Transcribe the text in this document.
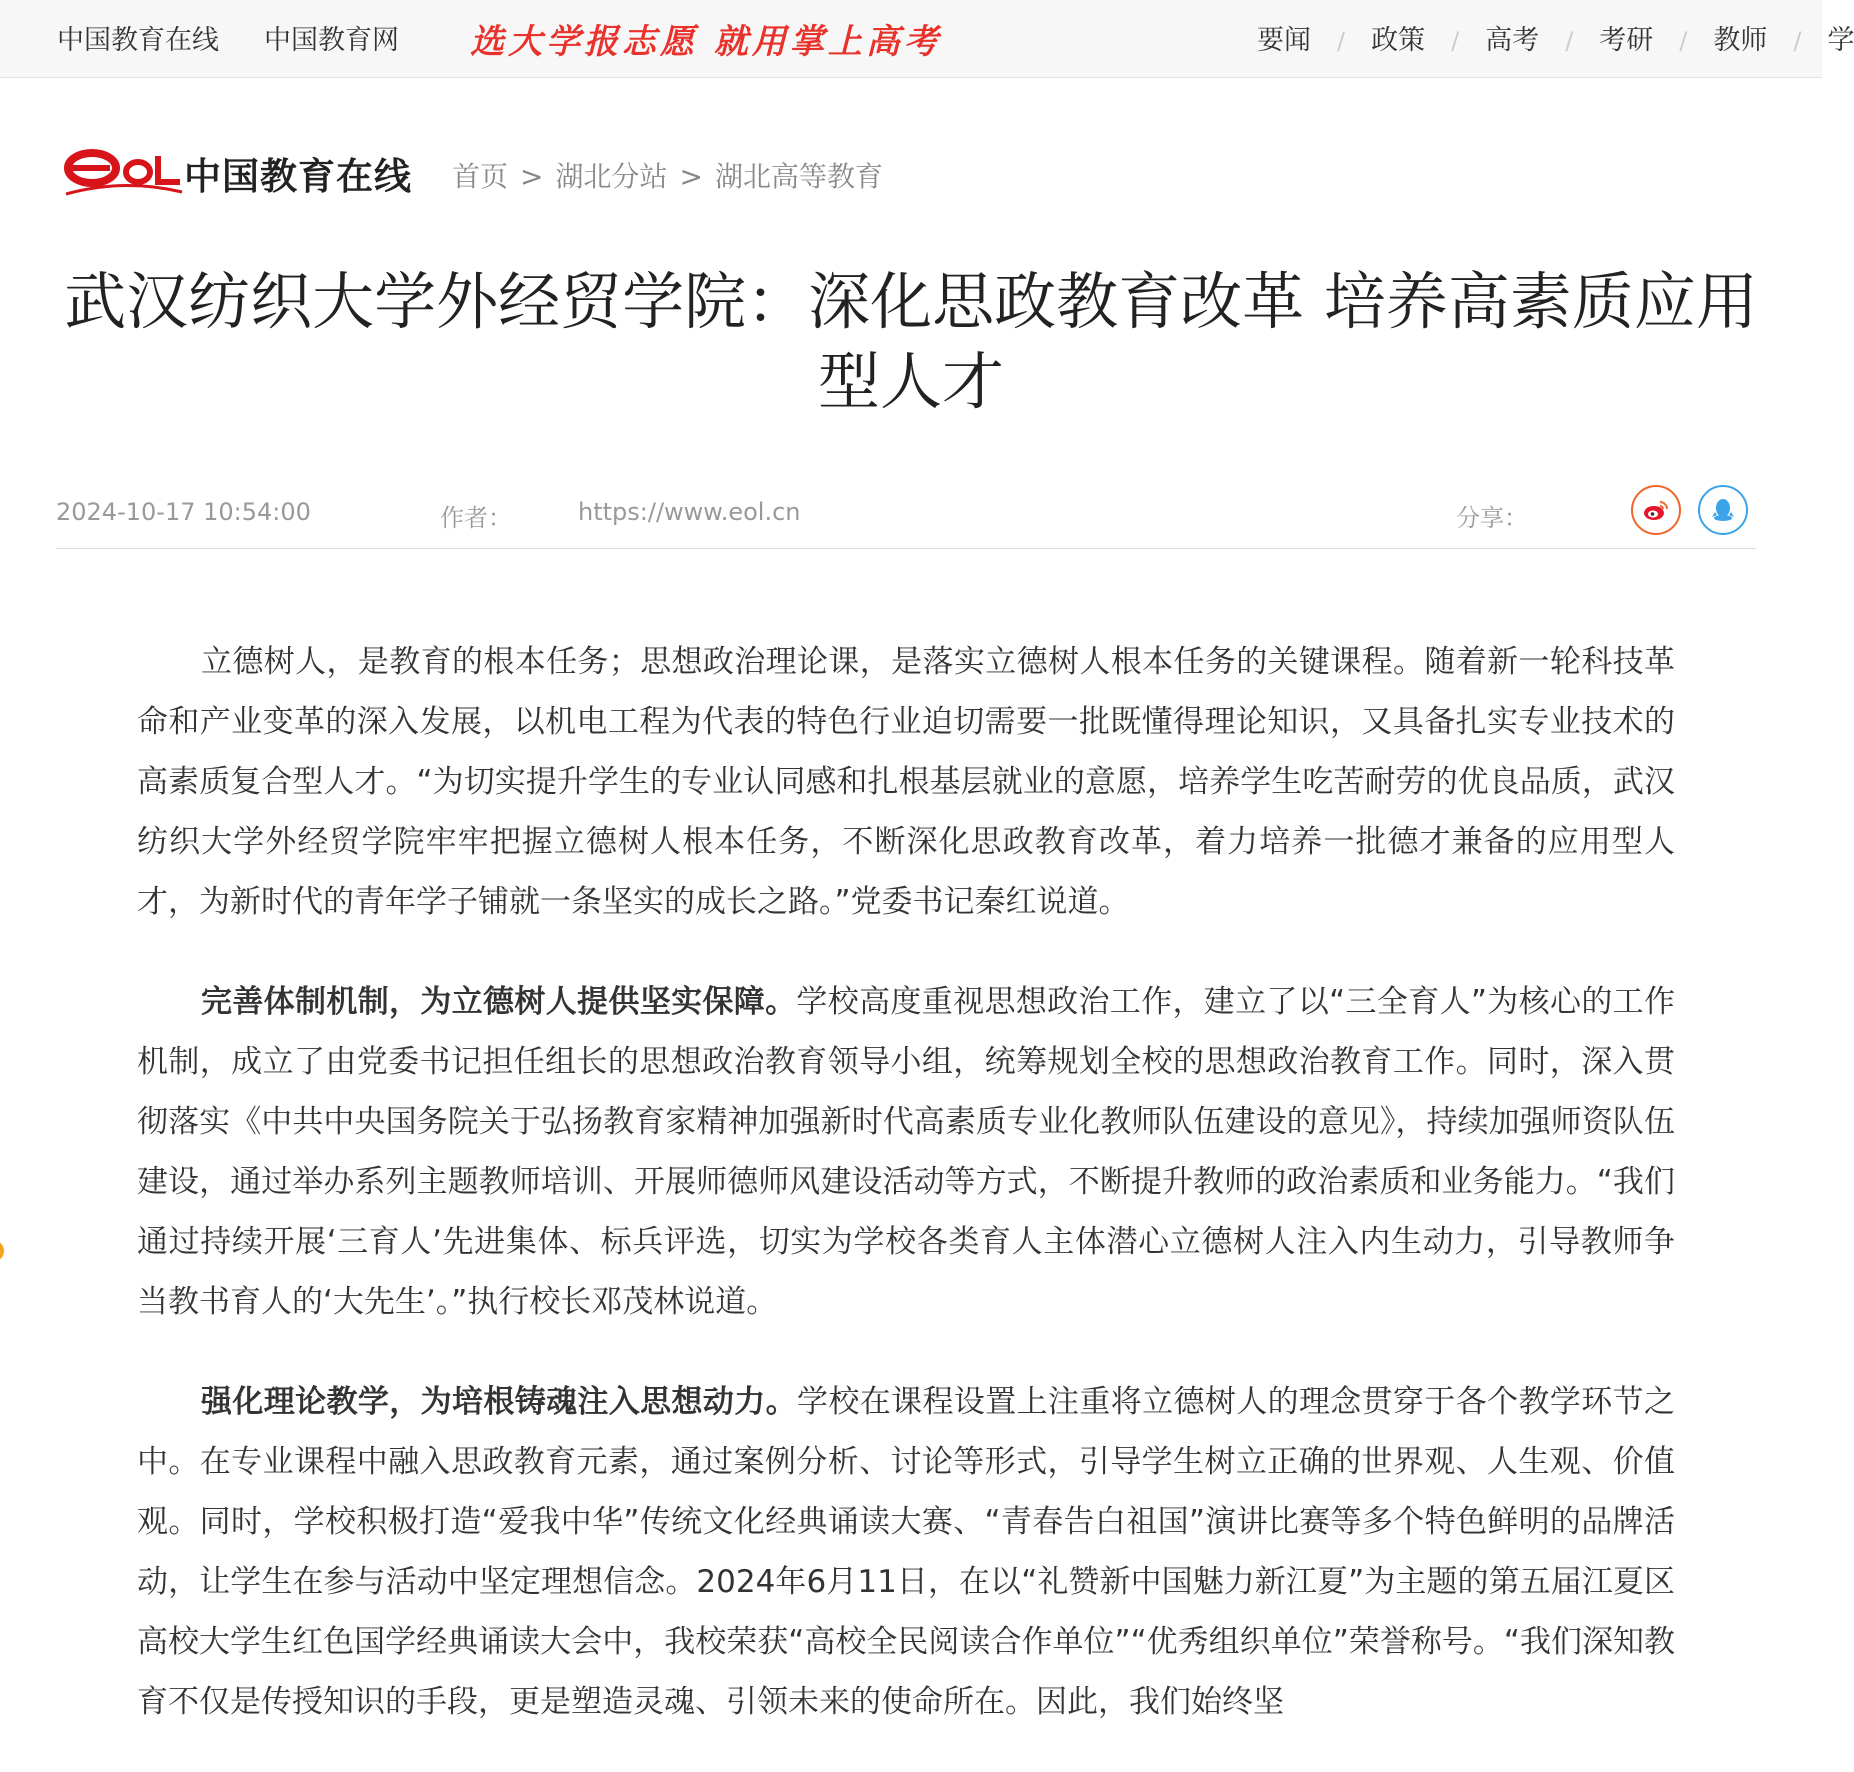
中国教育在线 中国教育网 选大学报志愿 就用掌上高考	要闻 / 政策 / 高考 / 考研 / 教师 / 学
中国教育在线 首页 > 湖北分站 > 湖北高等教育
武汉纺织大学外经贸学院：深化思政教育改革 培养高素质应用型人才
2024-10-17 10:54:00	作者：	https://www.eol.cn	分享：

立德树人，是教育的根本任务；思想政治理论课，是落实立德树人根本任务的关键课程。随着新一轮科技革命和产业变革的深入发展，以机电工程为代表的特色行业迫切需要一批既懂得理论知识，又具备扎实专业技术的高素质复合型人才。“为切实提升学生的专业认同感和扎根基层就业的意愿，培养学生吃苦耐劳的优良品质，武汉纺织大学外经贸学院牢牢把握立德树人根本任务，不断深化思政教育改革，着力培养一批德才兼备的应用型人才，为新时代的青年学子铺就一条坚实的成长之路。”党委书记秦红说道。

完善体制机制，为立德树人提供坚实保障。学校高度重视思想政治工作，建立了以“三全育人”为核心的工作机制，成立了由党委书记担任组长的思想政治教育领导小组，统筹规划全校的思想政治教育工作。同时，深入贯彻落实《中共中央国务院关于弘扬教育家精神加强新时代高素质专业化教师队伍建设的意见》，持续加强师资队伍建设，通过举办系列主题教师培训、开展师德师风建设活动等方式，不断提升教师的政治素质和业务能力。“我们通过持续开展‘三育人’先进集体、标兵评选，切实为学校各类育人主体潜心立德树人注入内生动力，引导教师争当教书育人的‘大先生’。”执行校长邓茂林说道。

强化理论教学，为培根铸魂注入思想动力。学校在课程设置上注重将立德树人的理念贯穿于各个教学环节之中。在专业课程中融入思政教育元素，通过案例分析、讨论等形式，引导学生树立正确的世界观、人生观、价值观。同时，学校积极打造“爱我中华”传统文化经典诵读大赛、“青春告白祖国”演讲比赛等多个特色鲜明的品牌活动，让学生在参与活动中坚定理想信念。2024年6月11日，在以“礼赞新中国魅力新江夏”为主题的第五届江夏区高校大学生红色国学经典诵读大会中，我校荣获“高校全民阅读合作单位”“优秀组织单位”荣誉称号。“我们深知教育不仅是传授知识的手段，更是塑造灵魂、引领未来的使命所在。因此，我们始终坚
